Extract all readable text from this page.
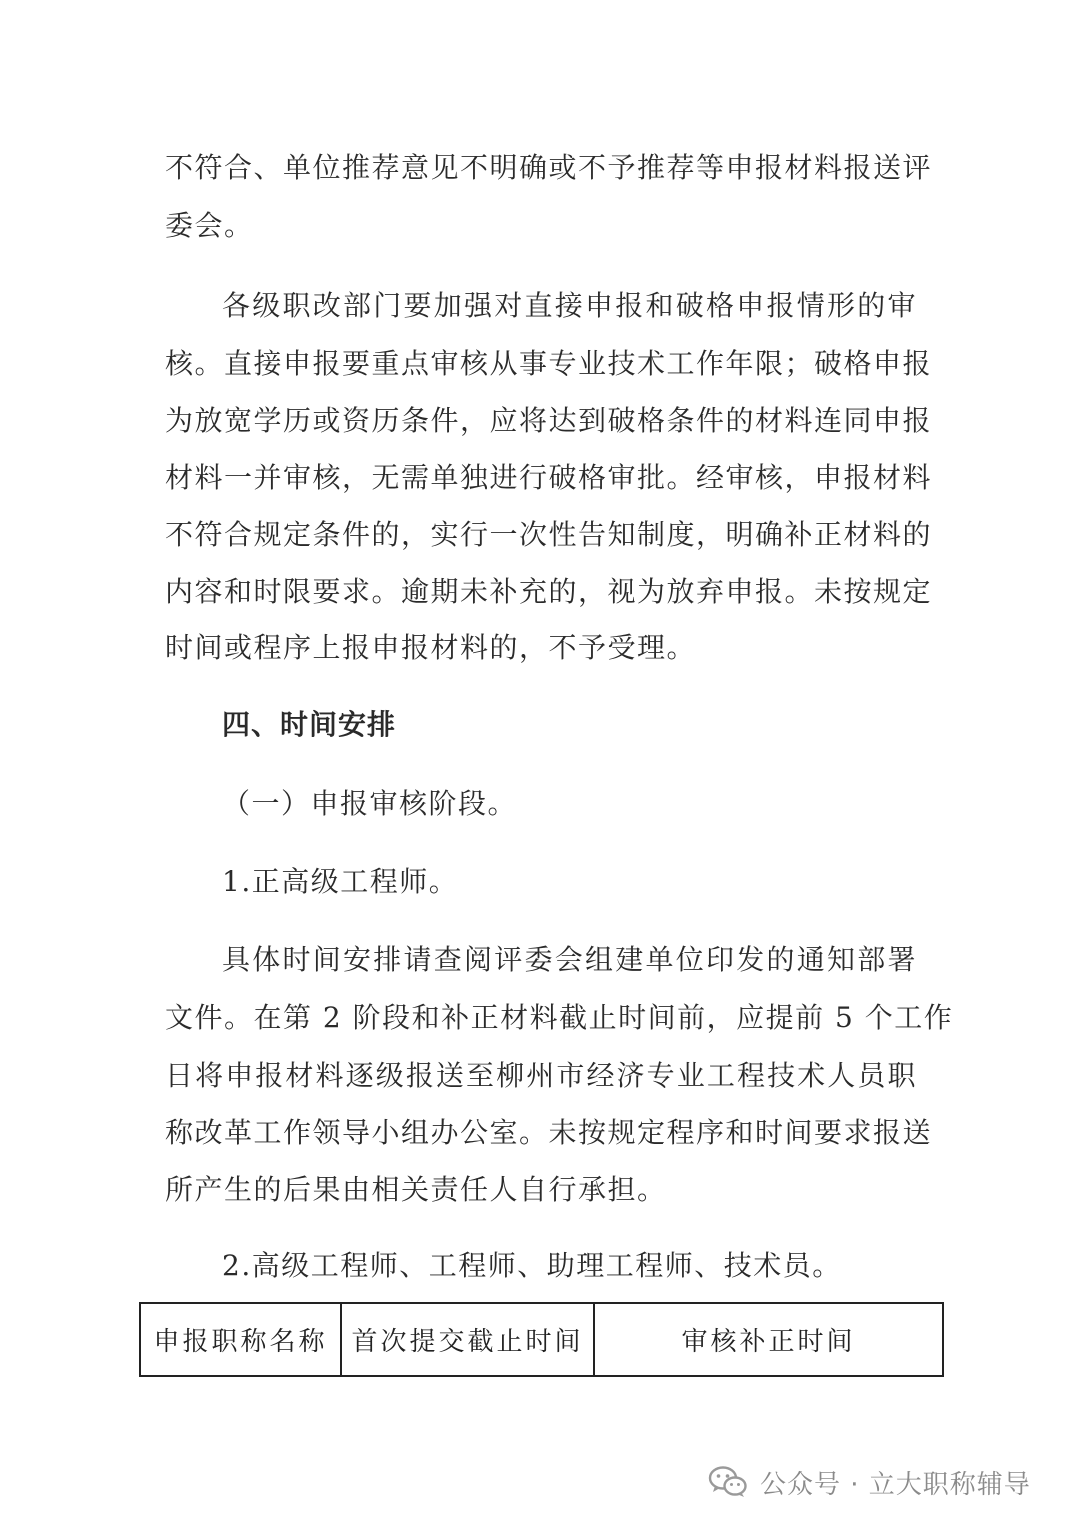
不符合、单位推荐意见不明确或不予推荐等申报材料报送评
委会。
各级职改部门要加强对直接申报和破格申报情形的审
核。直接申报要重点审核从事专业技术工作年限；破格申报
为放宽学历或资历条件，应将达到破格条件的材料连同申报
材料一并审核，无需单独进行破格审批。经审核，申报材料
不符合规定条件的，实行一次性告知制度，明确补正材料的
内容和时限要求。逾期未补充的，视为放弃申报。未按规定
时间或程序上报申报材料的，不予受理。
四、时间安排
（一）申报审核阶段。
1.正高级工程师。
具体时间安排请查阅评委会组建单位印发的通知部署
文件。在第 2 阶段和补正材料截止时间前，应提前 5 个工作
日将申报材料逐级报送至柳州市经济专业工程技术人员职
称改革工作领导小组办公室。未按规定程序和时间要求报送
所产生的后果由相关责任人自行承担。
2.高级工程师、工程师、助理工程师、技术员。
申报职称名称	首次提交截止时间	审核补正时间
公众号 · 立大职称辅导
